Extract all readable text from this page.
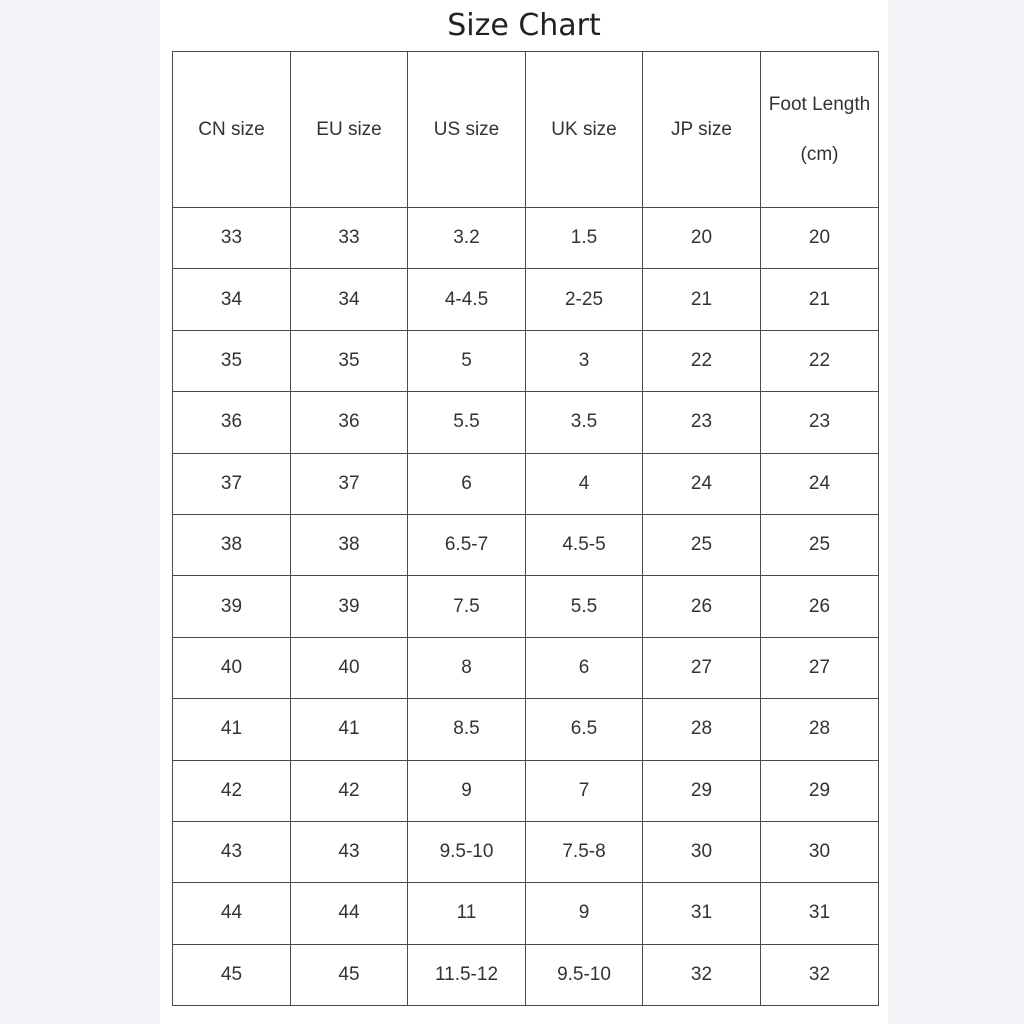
Size Chart
CN size	EU size	US size	UK size	JP size	Foot Length(cm)
33	33	3.2	1.5	20	20
34	34	4-4.5	2-25	21	21
35	35	5	3	22	22
36	36	5.5	3.5	23	23
37	37	6	4	24	24
38	38	6.5-7	4.5-5	25	25
39	39	7.5	5.5	26	26
40	40	8	6	27	27
41	41	8.5	6.5	28	28
42	42	9	7	29	29
43	43	9.5-10	7.5-8	30	30
44	44	11	9	31	31
45	45	11.5-12	9.5-10	32	32
